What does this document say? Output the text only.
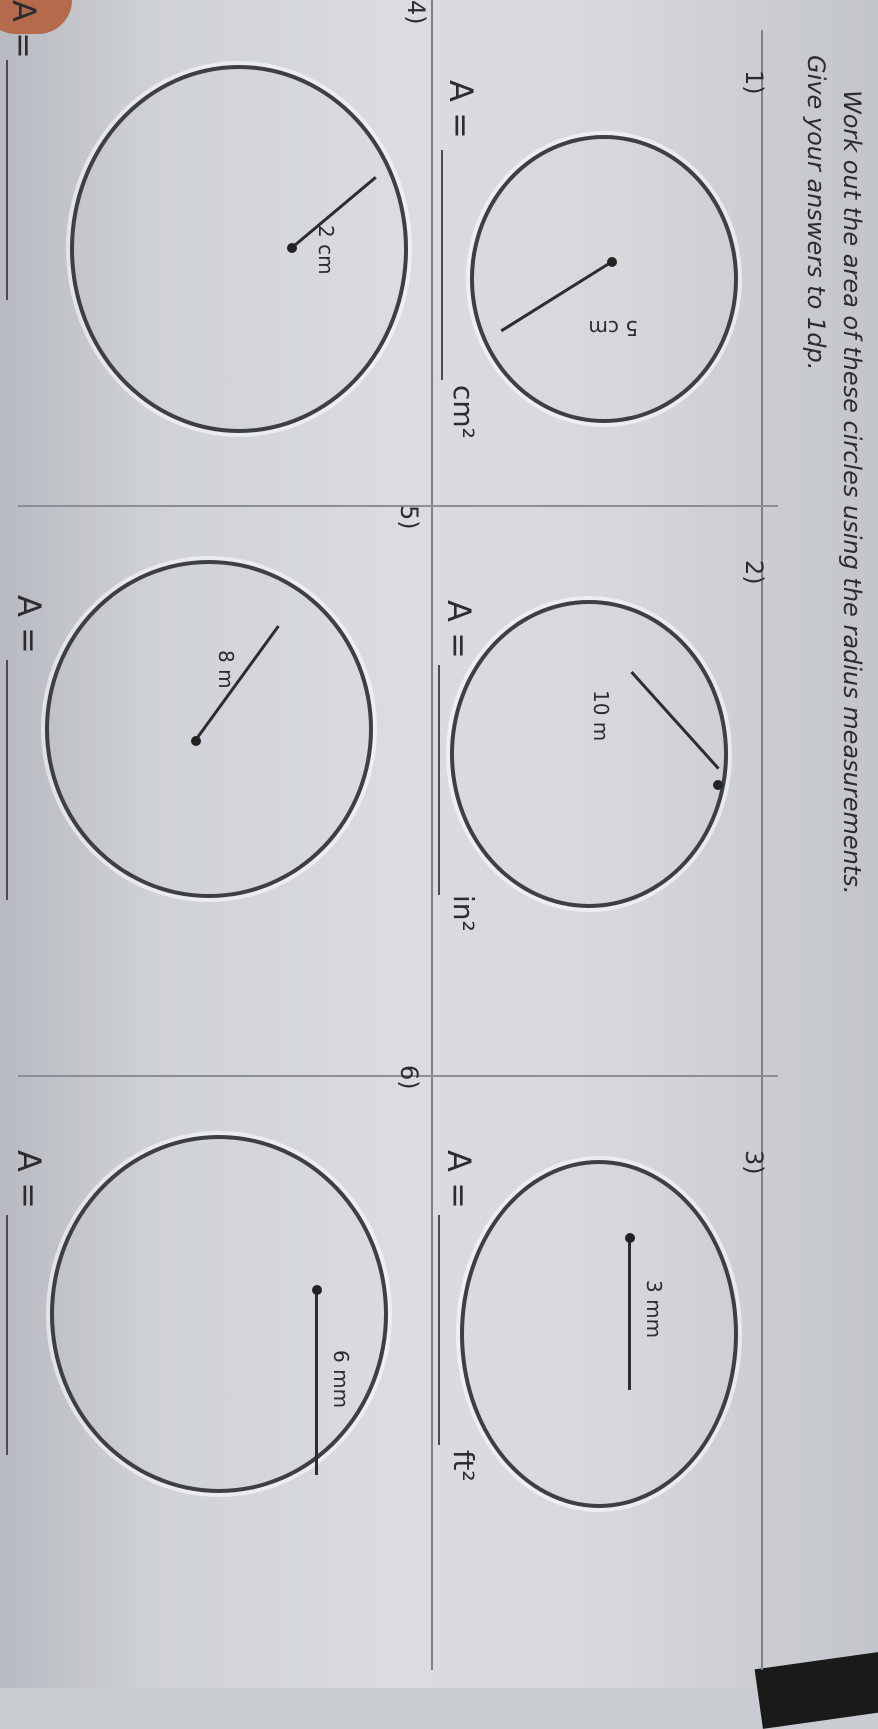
Work out the area of these circles using the radius measurements.
Give your answers to 1dp.
1)
5 cm
A =
cm²
2)
10 m
A =
in²
3)
3 mm
A =
ft²
4)
2 cm
A =
5)
8 m
A =
6)
6 mm
A =
